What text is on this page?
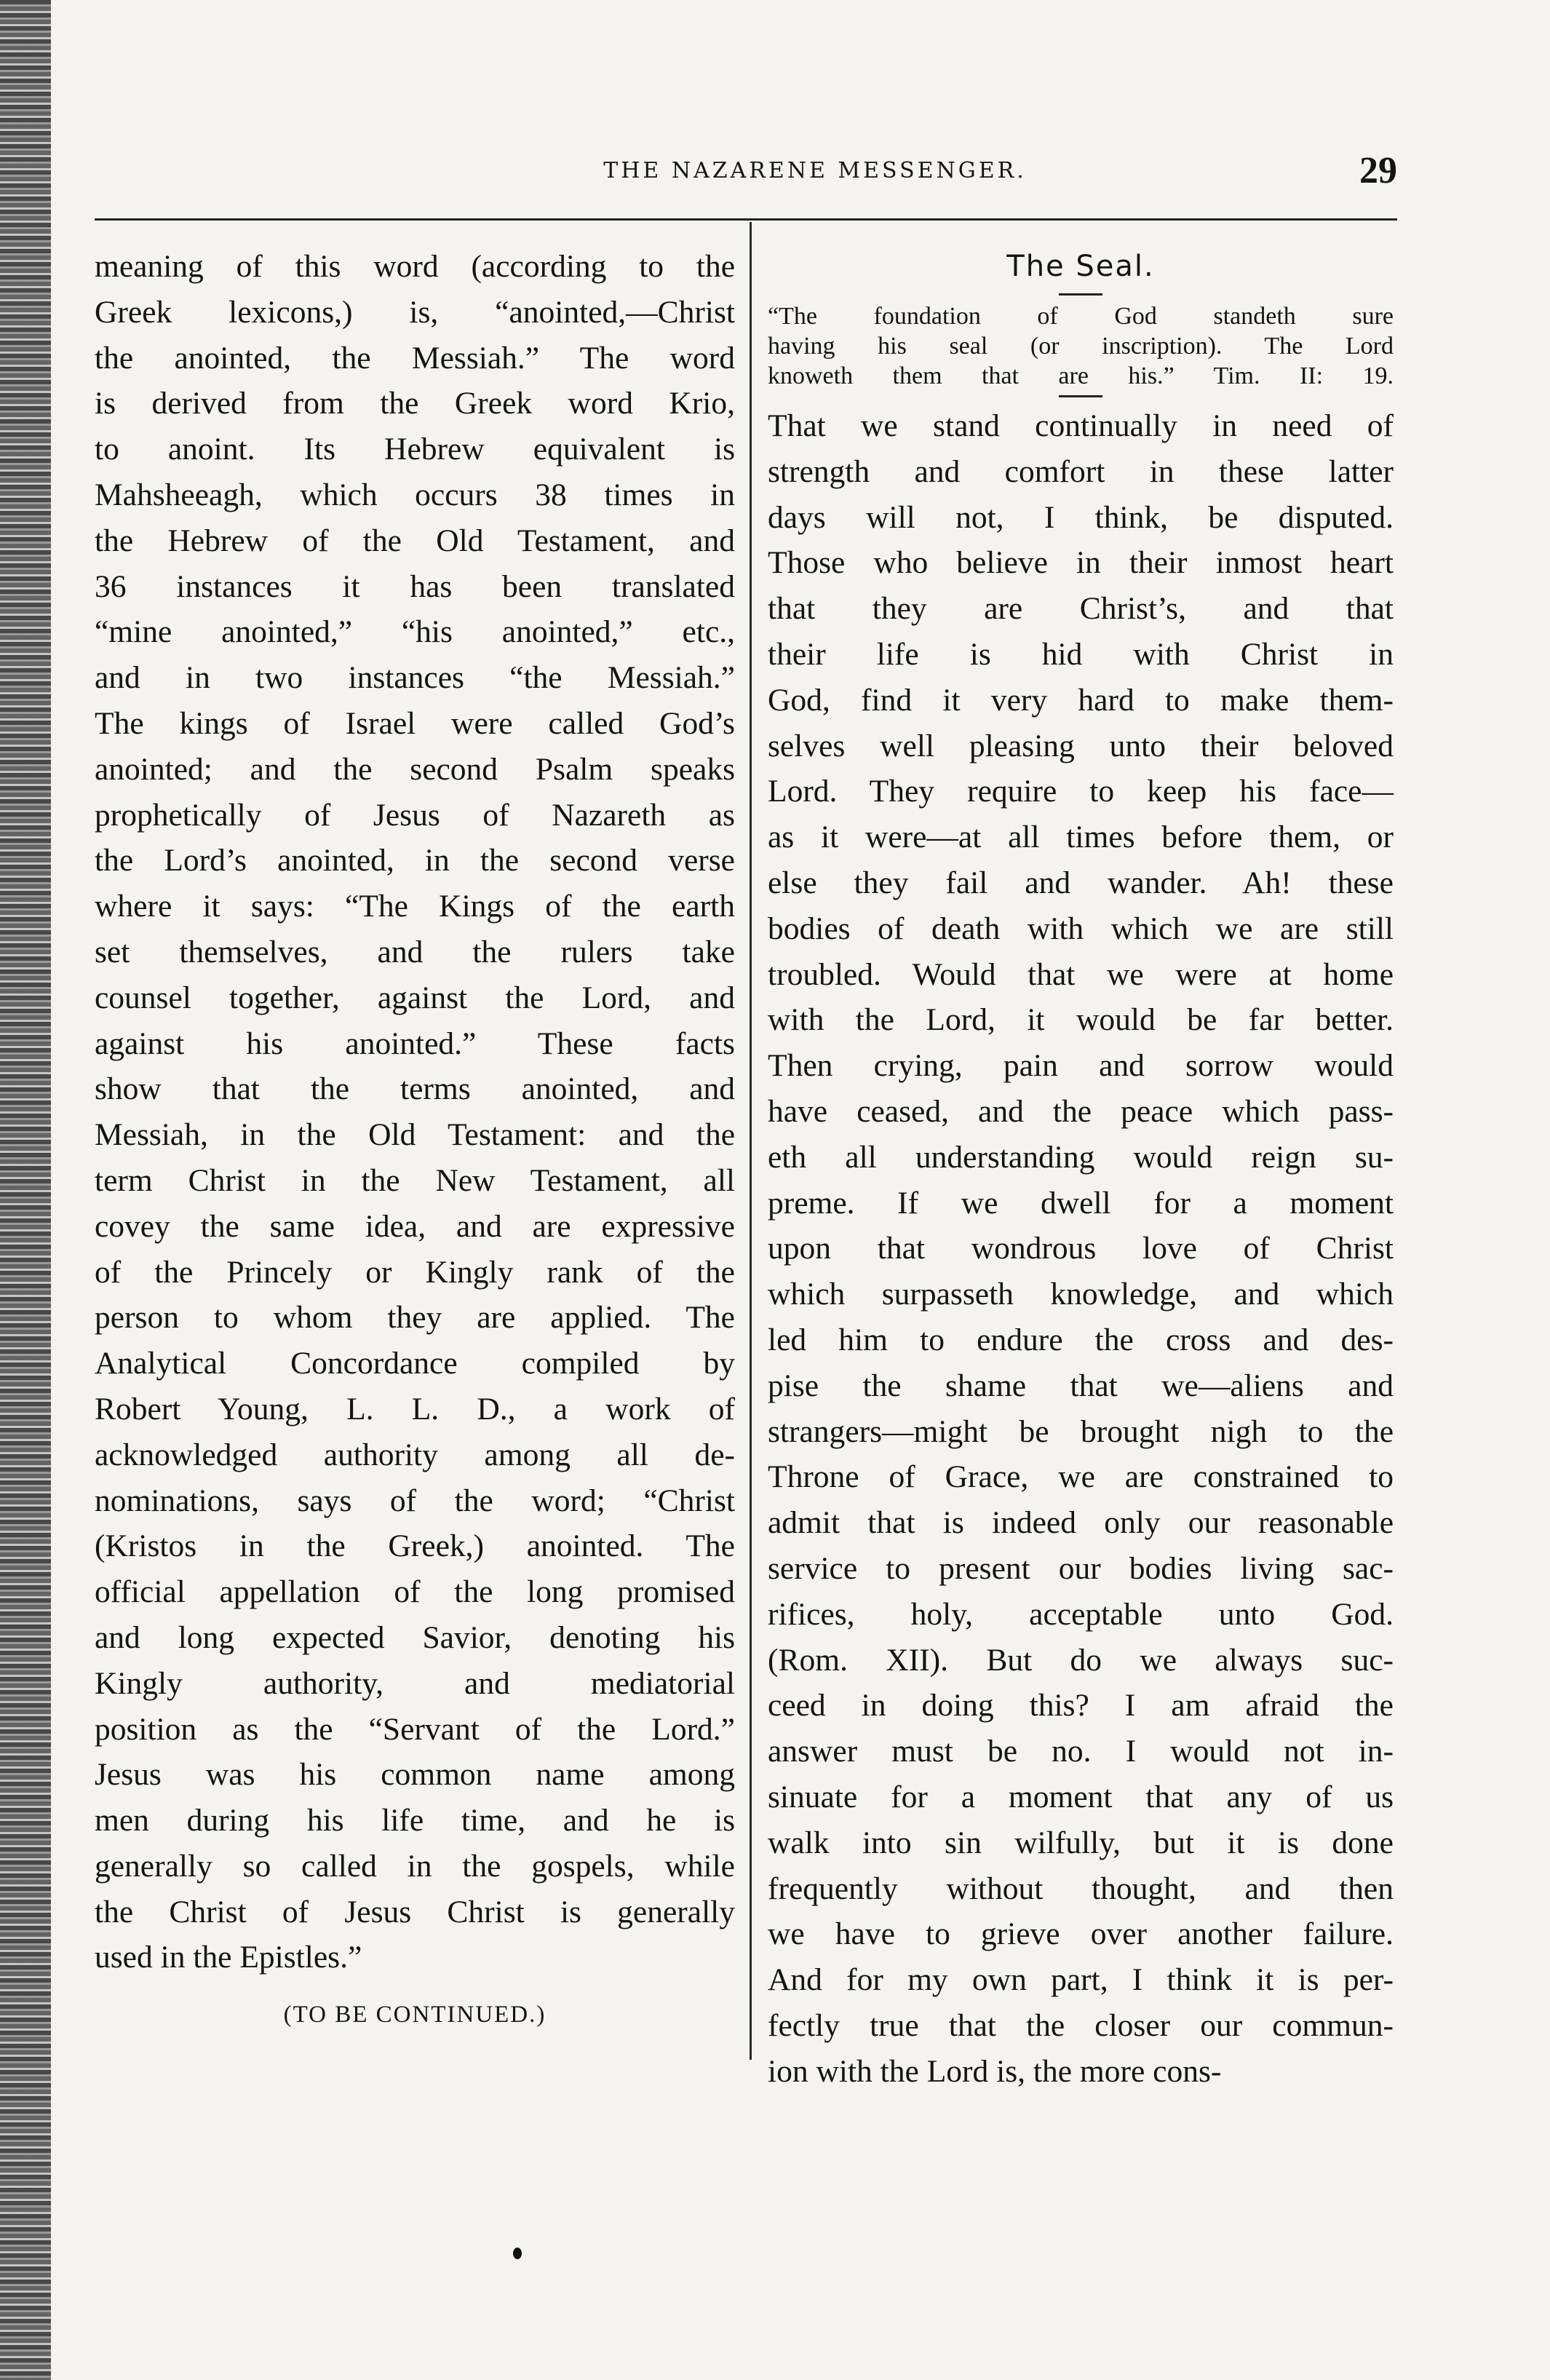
THE NAZARENE MESSENGER.	29
meaning of this word (according to the
Greek lexicons,) is, “anointed,—Christ
the anointed, the Messiah.” The word
is derived from the Greek word Krio,
to anoint. Its Hebrew equivalent is
Mahsheeagh, which occurs 38 times in
the Hebrew of the Old Testament, and
36 instances it has been translated
“mine anointed,” “his anointed,” etc.,
and in two instances “the Messiah.”
The kings of Israel were called God’s
anointed; and the second Psalm speaks
prophetically of Jesus of Nazareth as
the Lord’s anointed, in the second verse
where it says: “The Kings of the earth
set themselves, and the rulers take
counsel together, against the Lord, and
against his anointed.” These facts
show that the terms anointed, and
Messiah, in the Old Testament: and the
term Christ in the New Testament, all
covey the same idea, and are expressive
of the Princely or Kingly rank of the
person to whom they are applied. The
Analytical Concordance compiled by
Robert Young, L. L. D., a work of
acknowledged authority among all de-
nominations, says of the word; “Christ
(Kristos in the Greek,) anointed. The
official appellation of the long promised
and long expected Savior, denoting his
Kingly authority, and mediatorial
position as the “Servant of the Lord.”
Jesus was his common name among
men during his life time, and he is
generally so called in the gospels, while
the Christ of Jesus Christ is generally
used in the Epistles.”
(TO BE CONTINUED.)
The Seal.
“The foundation of God standeth sure
having his seal (or inscription). The Lord
knoweth them that are his.” Tim. II: 19.
That we stand continually in need of
strength and comfort in these latter
days will not, I think, be disputed.
Those who believe in their inmost heart
that they are Christ’s, and that
their life is hid with Christ in
God, find it very hard to make them-
selves well pleasing unto their beloved
Lord. They require to keep his face—
as it were—at all times before them, or
else they fail and wander. Ah! these
bodies of death with which we are still
troubled. Would that we were at home
with the Lord, it would be far better.
Then crying, pain and sorrow would
have ceased, and the peace which pass-
eth all understanding would reign su-
preme. If we dwell for a moment
upon that wondrous love of Christ
which surpasseth knowledge, and which
led him to endure the cross and des-
pise the shame that we—aliens and
strangers—might be brought nigh to the
Throne of Grace, we are constrained to
admit that is indeed only our reasonable
service to present our bodies living sac-
rifices, holy, acceptable unto God.
(Rom. XII). But do we always suc-
ceed in doing this? I am afraid the
answer must be no. I would not in-
sinuate for a moment that any of us
walk into sin wilfully, but it is done
frequently without thought, and then
we have to grieve over another failure.
And for my own part, I think it is per-
fectly true that the closer our commun-
ion with the Lord is, the more cons-
